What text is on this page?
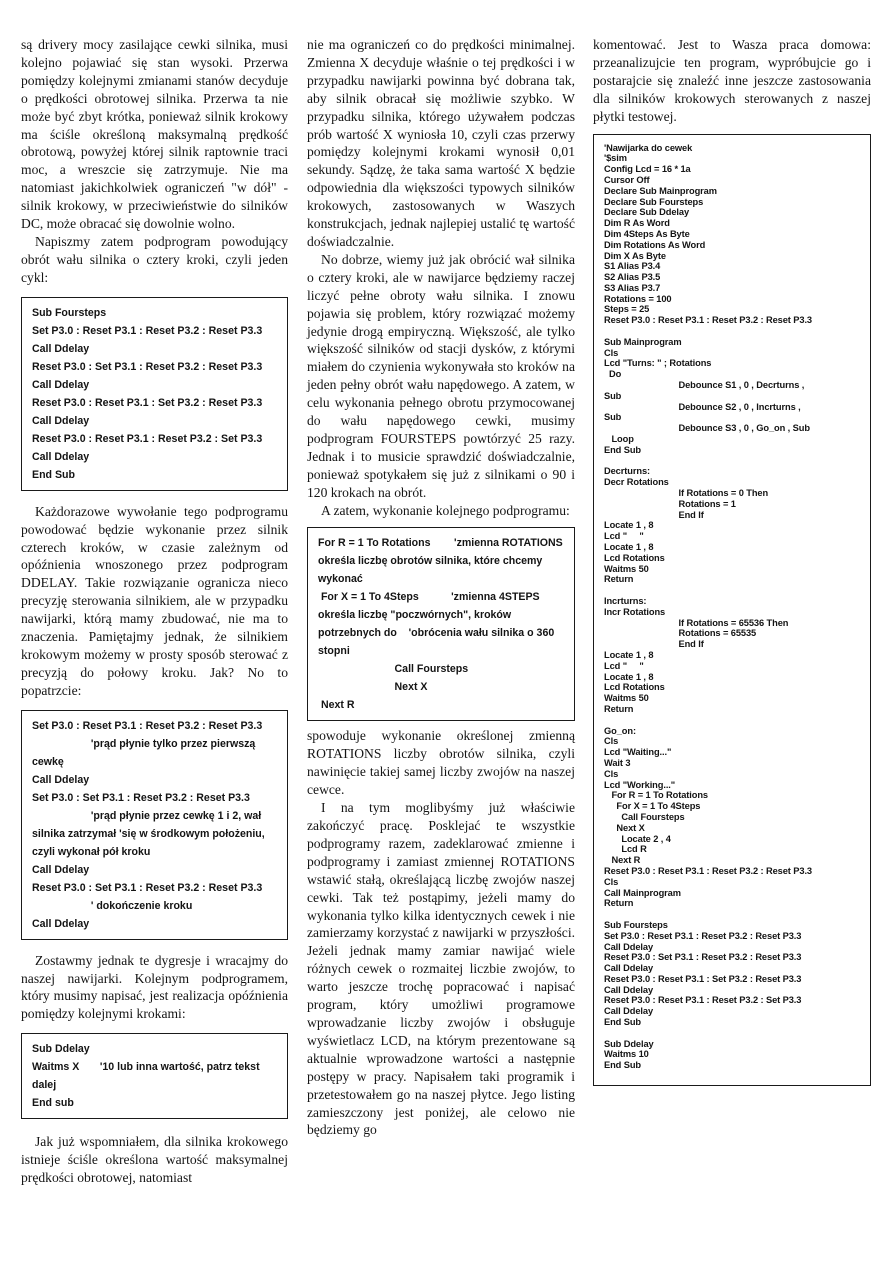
są drivery mocy zasilające cewki silnika, musi kolejno pojawiać się stan wysoki. Przerwa pomiędzy kolejnymi zmianami stanów decyduje o prędkości obrotowej silnika. Przerwa ta nie może być zbyt krótka, ponieważ silnik krokowy ma ściśle określoną maksymalną prędkość obrotową, powyżej której silnik raptownie traci moc, a wreszcie się zatrzymuje. Nie ma natomiast jakichkolwiek ograniczeń "w dół" - silnik krokowy, w przeciwieństwie do silników DC, może obracać się dowolnie wolno.

Napiszmy zatem podprogram powodujący obrót wału silnika o cztery kroki, czyli jeden cykl:

Sub Foursteps
Set P3.0 : Reset P3.1 : Reset P3.2 : Reset P3.3
Call Ddelay
Reset P3.0 : Set P3.1 : Reset P3.2 : Reset P3.3
Call Ddelay
Reset P3.0 : Reset P3.1 : Set P3.2 : Reset P3.3
Call Ddelay
Reset P3.0 : Reset P3.1 : Reset P3.2 : Set P3.3
Call Ddelay
End Sub

Każdorazowe wywołanie tego podprogramu powodować będzie wykonanie przez silnik czterech kroków, w czasie zależnym od opóźnienia wnoszonego przez podprogram DDELAY. Takie rozwiązanie ogranicza nieco precyzję sterowania silnikiem, ale w przypadku nawijarki, którą mamy zbudować, nie ma to znaczenia. Pamiętajmy jednak, że silnikiem krokowym możemy w prosty sposób sterować z precyzją do połowy kroku. Jak? No to popatrzcie:

Set P3.0 : Reset P3.1 : Reset P3.2 : Reset P3.3
'prąd płynie tylko przez pierwszą cewkę
Call Ddelay
Set P3.0 : Set P3.1 : Reset P3.2 : Reset P3.3
'prąd płynie przez cewkę 1 i 2, wał silnika zatrzymał 'się w środkowym położeniu, czyli wykonał pół kroku
Call Ddelay
Reset P3.0 : Set P3.1 : Reset P3.2 : Reset P3.3
' dokończenie kroku
Call Ddelay

Zostawmy jednak te dygresje i wracajmy do naszej nawijarki. Kolejnym podprogramem, który musimy napisać, jest realizacja opóźnienia pomiędzy kolejnymi krokami:

Sub Ddelay
Waitms X       '10 lub inna wartość, patrz tekst dalej
End sub

Jak już wspomniałem, dla silnika krokowego istnieje ściśle określona wartość maksymalnej prędkości obrotowej, natomiast

nie ma ograniczeń co do prędkości minimalnej. Zmienna X decyduje właśnie o tej prędkości i w przypadku nawijarki powinna być dobrana tak, aby silnik obracał się możliwie szybko. W przypadku silnika, którego używałem podczas prób wartość X wyniosła 10, czyli czas przerwy pomiędzy kolejnymi krokami wynosił 0,01 sekundy. Sądzę, że taka sama wartość X będzie odpowiednia dla większości typowych silników krokowych, zastosowanych w Waszych konstrukcjach, jednak najlepiej ustalić tę wartość doświadczalnie.

No dobrze, wiemy już jak obrócić wał silnika o cztery kroki, ale w nawijarce będziemy raczej liczyć pełne obroty wału silnika. I znowu pojawia się problem, który rozwiązać możemy jedynie drogą empiryczną. Większość, ale tylko większość silników od stacji dysków, z którymi miałem do czynienia wykonywała sto kroków na jeden pełny obrót wału napędowego. A zatem, w celu wykonania pełnego obrotu przymocowanej do wału napędowego cewki, musimy podprogram FOURSTEPS powtórzyć 25 razy. Jednak i to musicie sprawdzić doświadczalnie, ponieważ spotykałem się już z silnikami o 90 i 120 krokach na obrót.

A zatem, wykonanie kolejnego podprogramu:

For R = 1 To Rotations        'zmienna ROTATIONS określa liczbę obrotów silnika, które chcemy wykonać
For X = 1 To 4Steps           'zmienna 4STEPS określa liczbę "poczwórnych", kroków potrzebnych do    'obrócenia wału silnika o 360 stopni
Call Foursteps
Next X
Next R

spowoduje wykonanie określonej zmienną ROTATIONS liczby obrotów silnika, czyli nawinięcie takiej samej liczby zwojów na naszej cewce.

I na tym moglibyśmy już właściwie zakończyć pracę. Posklejać te wszystkie podprogramy razem, zadeklarować zmienne i podprogramy i zamiast zmiennej ROTATIONS wstawić stałą, określającą liczbę zwojów naszej cewki. Tak też postąpimy, jeżeli mamy do wykonania tylko kilka identycznych cewek i nie zamierzamy korzystać z nawijarki w przyszłości. Jeżeli jednak mamy zamiar nawijać wiele różnych cewek o rozmaitej liczbie zwojów, to warto jeszcze trochę popracować i napisać program, który umożliwi programowe wprowadzanie liczby zwojów i obsługuje wyświetlacz LCD, na którym prezentowane są aktualnie wprowadzone wartości a następnie postępy w pracy. Napisałem taki programik i przetestowałem go na naszej płytce. Jego listing zamieszczony jest poniżej, ale celowo nie będziemy go

komentować. Jest to Wasza praca domowa: przeanalizujcie ten program, wypróbujcie go i postarajcie się znaleźć inne jeszcze zastosowania dla silników krokowych sterowanych z naszej płytki testowej.

'Nawijarka do cewek
'$sim
Config Lcd = 16 * 1a
Cursor Off
Declare Sub Mainprogram
Declare Sub Foursteps
Declare Sub Ddelay
Dim R As Word
Dim 4Steps As Byte
Dim Rotations As Word
Dim X As Byte
S1 Alias P3.4
S2 Alias P3.5
S3 Alias P3.7
Rotations = 100
Steps = 25
Reset P3.0 : Reset P3.1 : Reset P3.2 : Reset P3.3
Sub Mainprogram
Cls
Lcd "Turns: " ; Rotations
Do
Debounce S1 , 0 , Decrturns ,
Sub
Debounce S2 , 0 , Incrturns ,
Sub
Debounce S3 , 0 , Go_on , Sub
Loop
End Sub
Decrturns:
Decr Rotations
If Rotations = 0 Then
Rotations = 1
End If
Locate 1 , 8
Lcd "     "
Locate 1 , 8
Lcd Rotations
Waitms 50
Return
Incrturns:
Incr Rotations
If Rotations = 65536 Then
Rotations = 65535
End If
Locate 1 , 8
Lcd "     "
Locate 1 , 8
Lcd Rotations
Waitms 50
Return
Go_on:
Cls
Lcd "Waiting..."
Wait 3
Cls
Lcd "Working..."
For R = 1 To Rotations
For X = 1 To 4Steps
Call Foursteps
Next X
Locate 2 , 4
Lcd R
Next R
Reset P3.0 : Reset P3.1 : Reset P3.2 : Reset P3.3
Cls
Call Mainprogram
Return
Sub Foursteps
Set P3.0 : Reset P3.1 : Reset P3.2 : Reset P3.3
Call Ddelay
Reset P3.0 : Set P3.1 : Reset P3.2 : Reset P3.3
Call Ddelay
Reset P3.0 : Reset P3.1 : Set P3.2 : Reset P3.3
Call Ddelay
Reset P3.0 : Reset P3.1 : Reset P3.2 : Set P3.3
Call Ddelay
End Sub
Sub Ddelay
Waitms 10
End Sub
